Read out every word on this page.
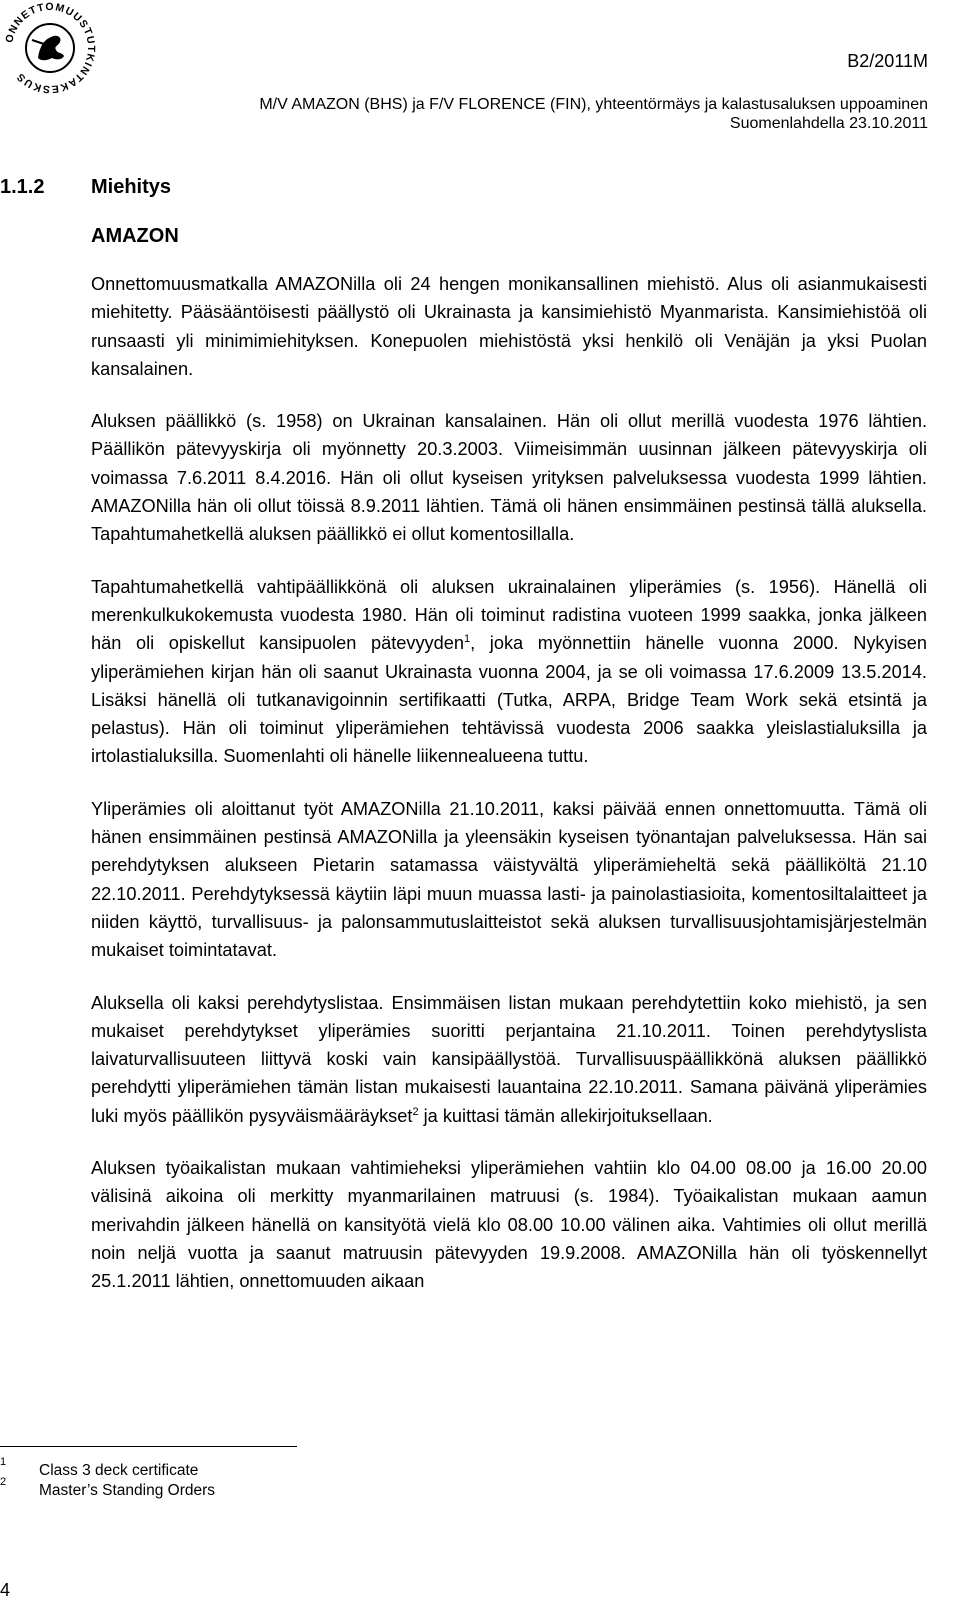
ONNETTOMUUSTUTKINTAKESKUS
B2/2011M
M/V AMAZON (BHS) ja F/V FLORENCE (FIN), yhteentörmäys ja kalastusaluksen uppoaminen
Suomenlahdella 23.10.2011
1.1.2 Miehitys
AMAZON

Onnettomuusmatkalla AMAZONilla oli 24 hengen monikansallinen miehistö. Alus oli asianmukaisesti miehitetty. Pääsääntöisesti päällystö oli Ukrainasta ja kansimiehistö Myanmarista. Kansimiehistöä oli runsaasti yli minimimiehityksen. Konepuolen miehistöstä yksi henkilö oli Venäjän ja yksi Puolan kansalainen.

Aluksen päällikkö (s. 1958) on Ukrainan kansalainen. Hän oli ollut merillä vuodesta 1976 lähtien. Päällikön pätevyyskirja oli myönnetty 20.3.2003. Viimeisimmän uusinnan jälkeen pätevyyskirja oli voimassa 7.6.2011 8.4.2016. Hän oli ollut kyseisen yrityksen palveluksessa vuodesta 1999 lähtien. AMAZONilla hän oli ollut töissä 8.9.2011 lähtien. Tämä oli hänen ensimmäinen pestinsä tällä aluksella. Tapahtumahetkellä aluksen päällikkö ei ollut komentosillalla.

Tapahtumahetkellä vahtipäällikkönä oli aluksen ukrainalainen yliperämies (s. 1956). Hänellä oli merenkulkukokemusta vuodesta 1980. Hän oli toiminut radistina vuoteen 1999 saakka, jonka jälkeen hän oli opiskellut kansipuolen pätevyyden$^1$, joka myönnettiin hänelle vuonna 2000. Nykyisen yliperämiehen kirjan hän oli saanut Ukrainasta vuonna 2004, ja se oli voimassa 17.6.2009 13.5.2014. Lisäksi hänellä oli tutkanavigoinnin sertifikaatti (Tutka, ARPA, Bridge Team Work sekä etsintä ja pelastus). Hän oli toiminut yliperämiehen tehtävissä vuodesta 2006 saakka yleislastialuksilla ja irtolastialuksilla. Suomenlahti oli hänelle liikennealueena tuttu.

Yliperämies oli aloittanut työt AMAZONilla 21.10.2011, kaksi päivää ennen onnettomuutta. Tämä oli hänen ensimmäinen pestinsä AMAZONilla ja yleensäkin kyseisen työnantajan palveluksessa. Hän sai perehdytyksen alukseen Pietarin satamassa väistyvältä yliperämieheltä sekä päälliköltä 21.10 22.10.2011. Perehdytyksessä käytiin läpi muun muassa lasti- ja painolastiasioita, komentosiltalaitteet ja niiden käyttö, turvallisuus- ja palonsammutuslaitteistot sekä aluksen turvallisuusjohtamisjärjestelmän mukaiset toimintatavat.

Aluksella oli kaksi perehdytyslistaa. Ensimmäisen listan mukaan perehdytettiin koko miehistö, ja sen mukaiset perehdytykset yliperämies suoritti perjantaina 21.10.2011. Toinen perehdytyslista laivaturvallisuuteen liittyvä koski vain kansipäällystöä. Turvallisuuspäällikkönä aluksen päällikkö perehdytti yliperämiehen tämän listan mukaisesti lauantaina 22.10.2011. Samana päivänä yliperämies luki myös päällikön pysyväismääräykset$^2$ ja kuittasi tämän allekirjoituksellaan.

Aluksen työaikalistan mukaan vahtimieheksi yliperämiehen vahtiin klo 04.00 08.00 ja 16.00 20.00 välisinä aikoina oli merkitty myanmarilainen matruusi (s. 1984). Työaikalistan mukaan aamun merivahdin jälkeen hänellä on kansityötä vielä klo 08.00 10.00 välinen aika. Vahtimies oli ollut merillä noin neljä vuotta ja saanut matruusin pätevyyden 19.9.2008. AMAZONilla hän oli työskennellyt 25.1.2011 lähtien, onnettomuuden aikaan

1 Class 3 deck certificate
2 Master’s Standing Orders
4
